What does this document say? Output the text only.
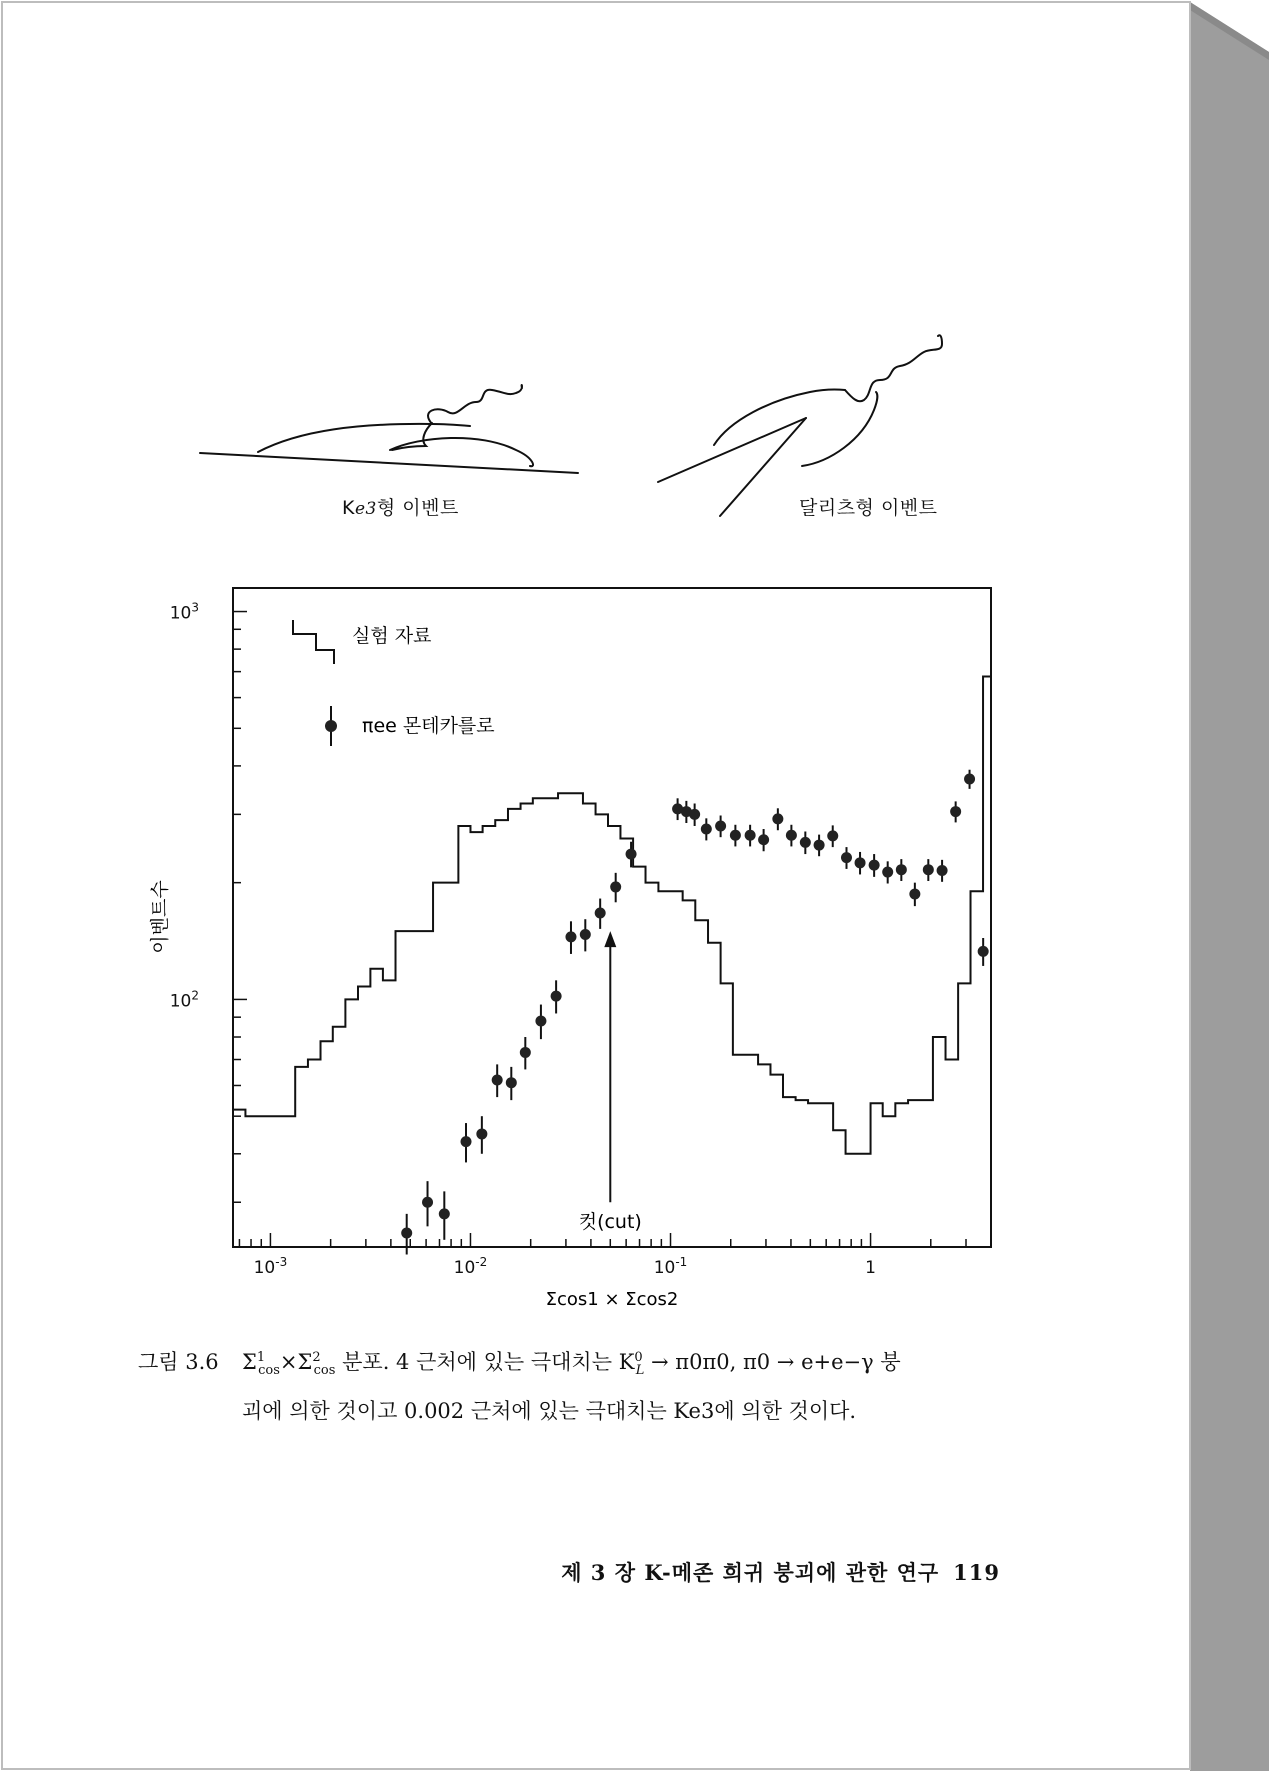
Ke3형 이벤트	달리츠형 이벤트
$10^{-3}$	$10^{-2}$	$10^{-1}$	1
$10^2$
$10^3$
실험 자료
πee 몬테카를로
컷(cut)
이벤트수
Σcos1 × Σcos2
그림 3.6 $\Sigma^1_{cos}\times\Sigma^2_{cos}$ 분포. 4 근처에 있는 극대치는 $K^0_L \to \pi 0\pi 0$, π0 → e+e−γ 붕
괴에 의한 것이고 0.002 근처에 있는 극대치는 Ke3에 의한 것이다.
제 3 장 K-메존 희귀 붕괴에 관한 연구 119
